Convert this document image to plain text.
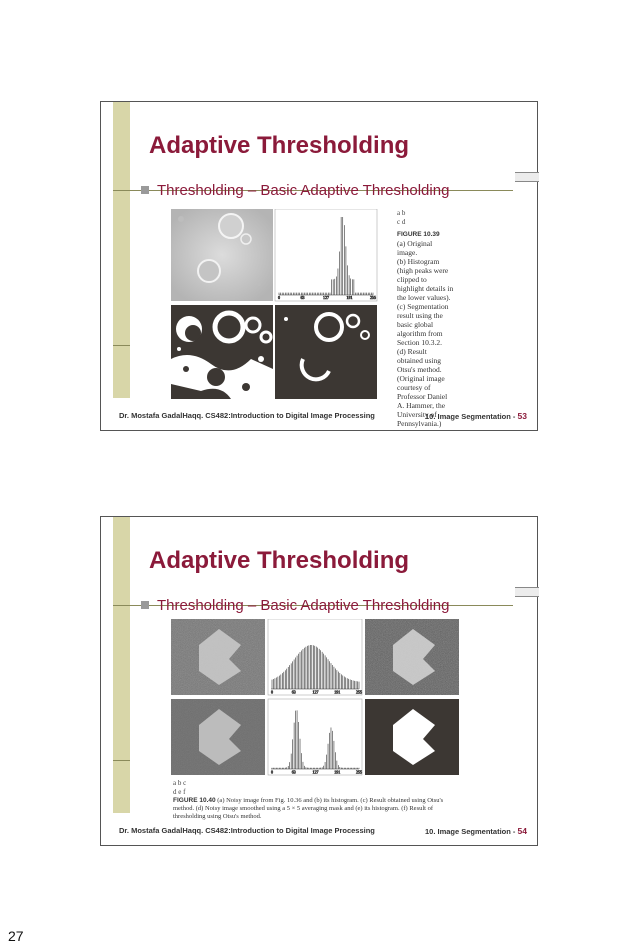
Adaptive Thresholding
Thresholding – Basic Adaptive Thresholding
0	63	127	191	255
a b
c d
FIGURE 10.39
(a) Original
image.
(b) Histogram
(high peaks were
clipped to
highlight details in
the lower values).
(c) Segmentation
result using the
basic global
algorithm from
Section 10.3.2.
(d) Result
obtained using
Otsu's method.
(Original image
courtesy of
Professor Daniel
A. Hammer, the
University of
Pennsylvania.)
Dr. Mostafa GadalHaqq. CS482:Introduction to Digital Image Processing	10. Image Segmentation - 53
Adaptive Thresholding
Thresholding – Basic Adaptive Thresholding
0	63	127	191	255
0	63	127	191	255
a b c
d e f
FIGURE 10.40 (a) Noisy image from Fig. 10.36 and (b) its histogram. (c) Result obtained using Otsu's method. (d) Noisy image smoothed using a 5 × 5 averaging mask and (e) its histogram. (f) Result of thresholding using Otsu's method.
Dr. Mostafa GadalHaqq. CS482:Introduction to Digital Image Processing	10. Image Segmentation - 54
27
